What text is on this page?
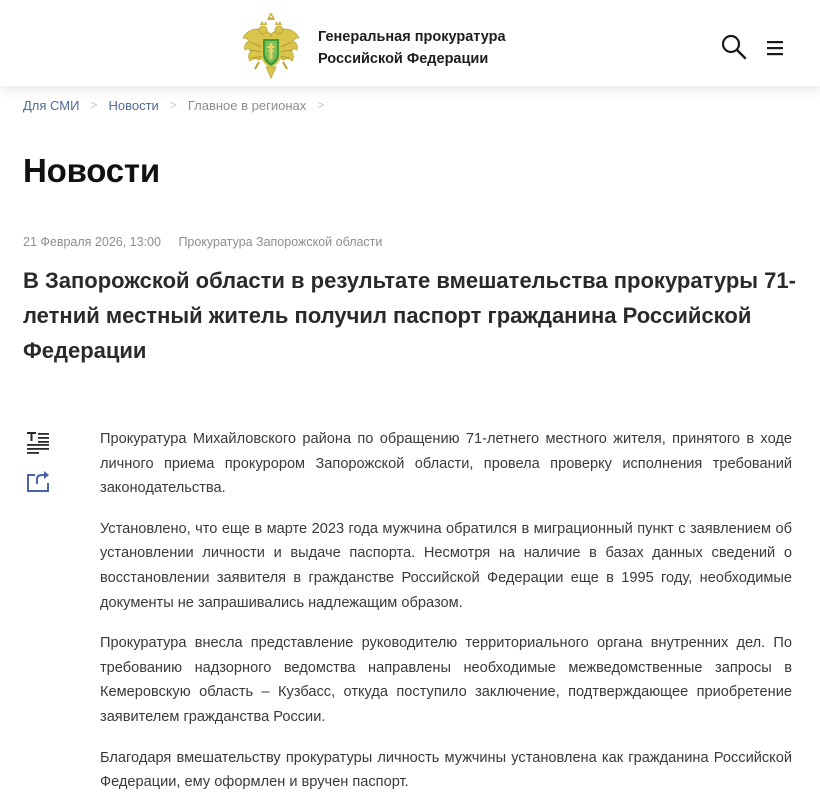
Генеральная прокуратура
Российской Федерации
Для СМИ > Новости > Главное в регионах >
Новости
21 Февраля 2026, 13:00 Прокуратура Запорожской области
В Запорожской области в результате вмешательства прокуратуры 71-летний местный житель получил паспорт гражданина Российской Федерации

Прокуратура Михайловского района по обращению 71-летнего местного жителя, принятого в ходе личного приема прокурором Запорожской области, провела проверку исполнения требований законодательства.

Установлено, что еще в марте 2023 года мужчина обратился в миграционный пункт с заявлением об установлении личности и выдаче паспорта. Несмотря на наличие в базах данных сведений о восстановлении заявителя в гражданстве Российской Федерации еще в 1995 году, необходимые документы не запрашивались надлежащим образом.

Прокуратура внесла представление руководителю территориального органа внутренних дел. По требованию надзорного ведомства направлены необходимые межведомственные запросы в Кемеровскую область – Кузбасс, откуда поступило заключение, подтверждающее приобретение заявителем гражданства России.

Благодаря вмешательству прокуратуры личность мужчины установлена как гражданина Российской Федерации, ему оформлен и вручен паспорт.
